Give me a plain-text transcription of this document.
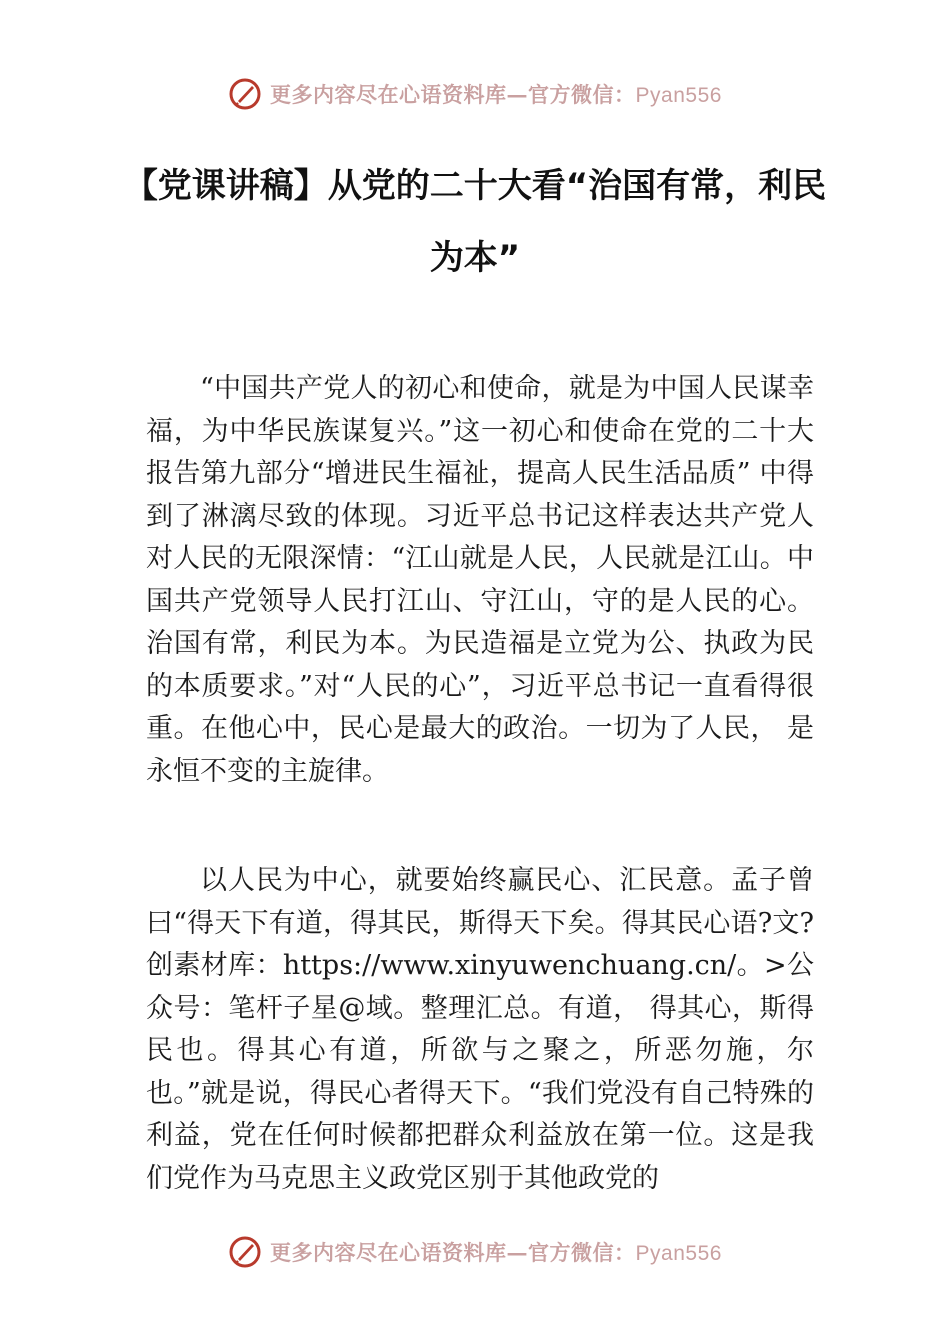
更多内容尽在心语资料库—官方微信：Pyan556
【党课讲稿】从党的二十大看“治国有常，利民为本”

“中国共产党人的初心和使命，就是为中国人民谋幸福，为中华民族谋复兴。”这一初心和使命在党的二十大报告第九部分“增进民生福祉，提高人民生活品质” 中得到了淋漓尽致的体现。习近平总书记这样表达共产党人对人民的无限深情：“江山就是人民，人民就是江山。中国共产党领导人民打江山、守江山，守的是人民的心。治国有常，利民为本。为民造福是立党为公、执政为民的本质要求。”对“人民的心”，习近平总书记一直看得很重。在他心中，民心是最大的政治。一切为了人民， 是永恒不变的主旋律。

以人民为中心，就要始终赢民心、汇民意。孟子曾曰“得天下有道，得其民，斯得天下矣。得其民心语?文?创素材库：https://www.xinyuwenchuang.cn/。>公众号：笔杆子星@域。整理汇总。有道， 得其心，斯得民也。得其心有道，所欲与之聚之，所恶勿施，尔也。”就是说，得民心者得天下。“我们党没有自己特殊的利益，党在任何时候都把群众利益放在第一位。这是我们党作为马克思主义政党区别于其他政党的

更多内容尽在心语资料库—官方微信：Pyan556
